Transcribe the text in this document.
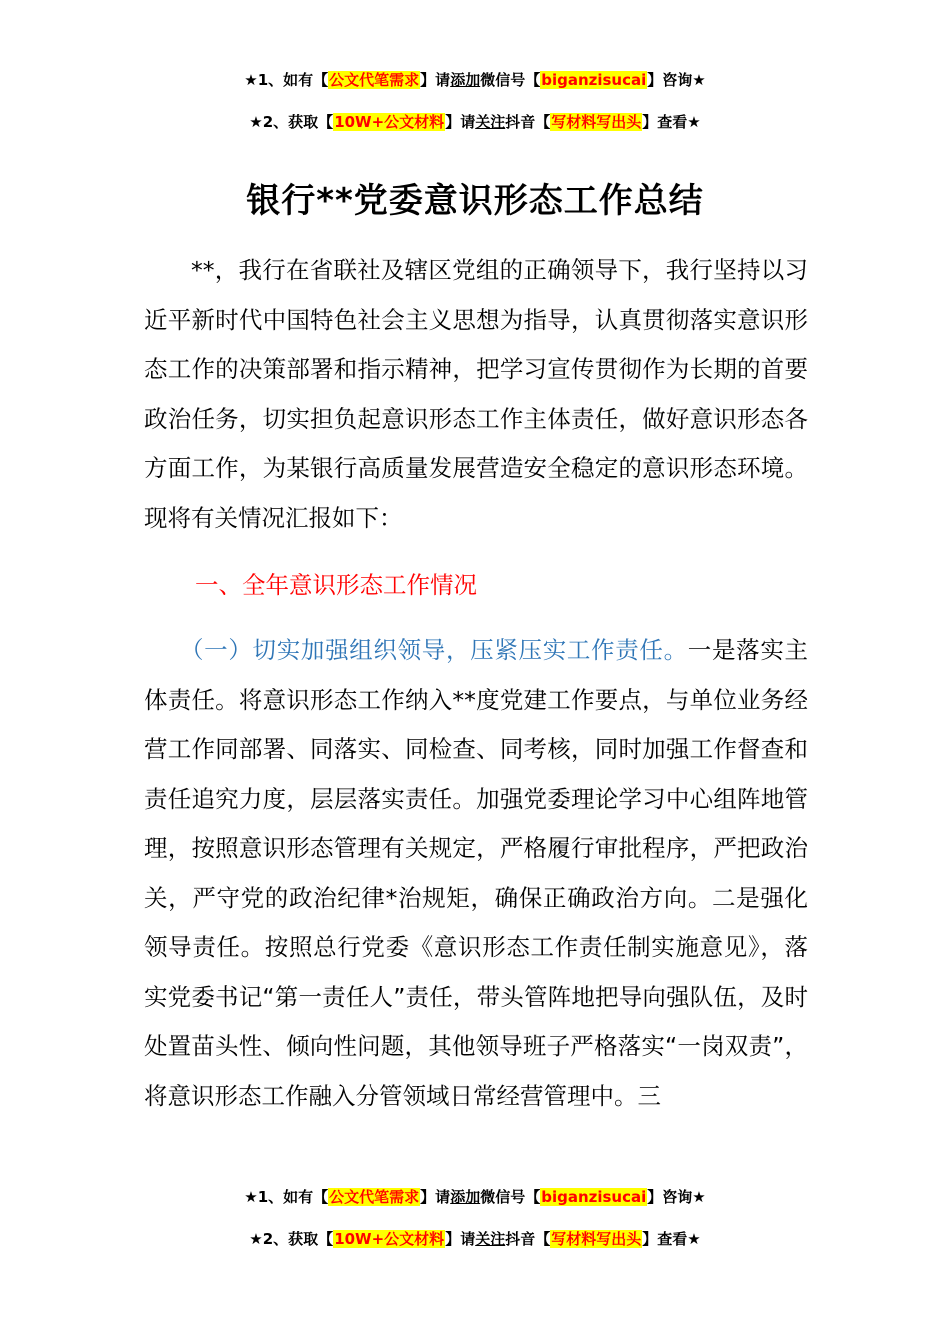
★1、如有【公文代笔需求】请添加微信号【biganzisucai】咨询★
★2、获取【10W+公文材料】请关注抖音【写材料写出头】查看★
银行**党委意识形态工作总结

**，我行在省联社及辖区党组的正确领导下，我行坚持以习近平新时代中国特色社会主义思想为指导，认真贯彻落实意识形态工作的决策部署和指示精神，把学习宣传贯彻作为长期的首要政治任务，切实担负起意识形态工作主体责任，做好意识形态各方面工作，为某银行高质量发展营造安全稳定的意识形态环境。现将有关情况汇报如下：

一、全年意识形态工作情况

（一）切实加强组织领导，压紧压实工作责任。一是落实主体责任。将意识形态工作纳入**度党建工作要点，与单位业务经营工作同部署、同落实、同检查、同考核，同时加强工作督查和责任追究力度，层层落实责任。加强党委理论学习中心组阵地管理，按照意识形态管理有关规定，严格履行审批程序，严把政治关，严守党的政治纪律*治规矩，确保正确政治方向。二是强化领导责任。按照总行党委《意识形态工作责任制实施意见》，落实党委书记“第一责任人”责任，带头管阵地把导向强队伍，及时处置苗头性、倾向性问题，其他领导班子严格落实“一岗双责”，将意识形态工作融入分管领域日常经营管理中。三

★1、如有【公文代笔需求】请添加微信号【biganzisucai】咨询★
★2、获取【10W+公文材料】请关注抖音【写材料写出头】查看★
